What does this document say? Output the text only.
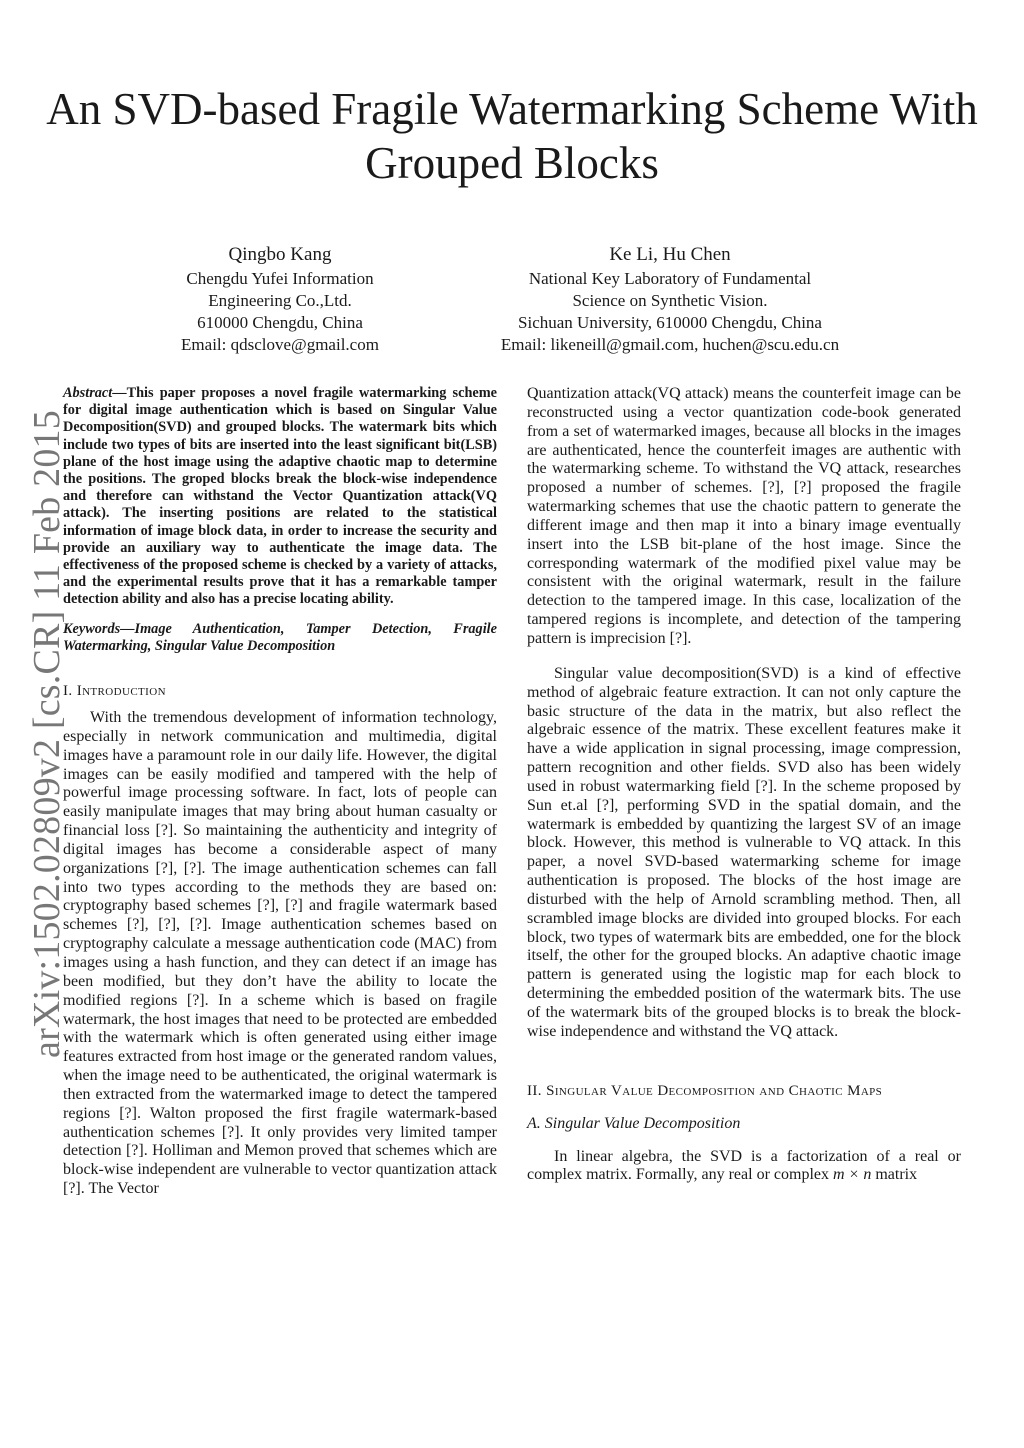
An SVD-based Fragile Watermarking Scheme With Grouped Blocks
Qingbo Kang
Chengdu Yufei Information
Engineering Co.,Ltd.
610000 Chengdu, China
Email: qdsclove@gmail.com
Ke Li, Hu Chen
National Key Laboratory of Fundamental
Science on Synthetic Vision.
Sichuan University, 610000 Chengdu, China
Email: likeneill@gmail.com, huchen@scu.edu.cn
arXiv:1502.02809v2 [cs.CR] 11 Feb 2015

Abstract—This paper proposes a novel fragile watermarking scheme for digital image authentication which is based on Singular Value Decomposition(SVD) and grouped blocks. The watermark bits which include two types of bits are inserted into the least significant bit(LSB) plane of the host image using the adaptive chaotic map to determine the positions. The groped blocks break the block-wise independence and therefore can withstand the Vector Quantization attack(VQ attack). The inserting positions are related to the statistical information of image block data, in order to increase the security and provide an auxiliary way to authenticate the image data. The effectiveness of the proposed scheme is checked by a variety of attacks, and the experimental results prove that it has a remarkable tamper detection ability and also has a precise locating ability.

Keywords—Image Authentication, Tamper Detection, Fragile Watermarking, Singular Value Decomposition

I. Introduction

With the tremendous development of information technology, especially in network communication and multimedia, digital images have a paramount role in our daily life. However, the digital images can be easily modified and tampered with the help of powerful image processing software. In fact, lots of people can easily manipulate images that may bring about human casualty or financial loss [?]. So maintaining the authenticity and integrity of digital images has become a considerable aspect of many organizations [?], [?]. The image authentication schemes can fall into two types according to the methods they are based on: cryptography based schemes [?], [?] and fragile watermark based schemes [?], [?], [?]. Image authentication schemes based on cryptography calculate a message authentication code (MAC) from images using a hash function, and they can detect if an image has been modified, but they don’t have the ability to locate the modified regions [?]. In a scheme which is based on fragile watermark, the host images that need to be protected are embedded with the watermark which is often generated using either image features extracted from host image or the generated random values, when the image need to be authenticated, the original watermark is then extracted from the watermarked image to detect the tampered regions [?]. Walton proposed the first fragile watermark-based authentication schemes [?]. It only provides very limited tamper detection [?]. Holliman and Memon proved that schemes which are block-wise independent are vulnerable to vector quantization attack [?]. The Vector

Quantization attack(VQ attack) means the counterfeit image can be reconstructed using a vector quantization code-book generated from a set of watermarked images, because all blocks in the images are authenticated, hence the counterfeit images are authentic with the watermarking scheme. To withstand the VQ attack, researches proposed a number of schemes. [?], [?] proposed the fragile watermarking schemes that use the chaotic pattern to generate the different image and then map it into a binary image eventually insert into the LSB bit-plane of the host image. Since the corresponding watermark of the modified pixel value may be consistent with the original watermark, result in the failure detection to the tampered image. In this case, localization of the tampered regions is incomplete, and detection of the tampering pattern is imprecision [?].

Singular value decomposition(SVD) is a kind of effective method of algebraic feature extraction. It can not only capture the basic structure of the data in the matrix, but also reflect the algebraic essence of the matrix. These excellent features make it have a wide application in signal processing, image compression, pattern recognition and other fields. SVD also has been widely used in robust watermarking field [?]. In the scheme proposed by Sun et.al [?], performing SVD in the spatial domain, and the watermark is embedded by quantizing the largest SV of an image block. However, this method is vulnerable to VQ attack. In this paper, a novel SVD-based watermarking scheme for image authentication is proposed. The blocks of the host image are disturbed with the help of Arnold scrambling method. Then, all scrambled image blocks are divided into grouped blocks. For each block, two types of watermark bits are embedded, one for the block itself, the other for the grouped blocks. An adaptive chaotic image pattern is generated using the logistic map for each block to determining the embedded position of the watermark bits. The use of the watermark bits of the grouped blocks is to break the block-wise independence and withstand the VQ attack.

II. Singular Value Decomposition and Chaotic Maps

A. Singular Value Decomposition

In linear algebra, the SVD is a factorization of a real or complex matrix. Formally, any real or complex m × n matrix
